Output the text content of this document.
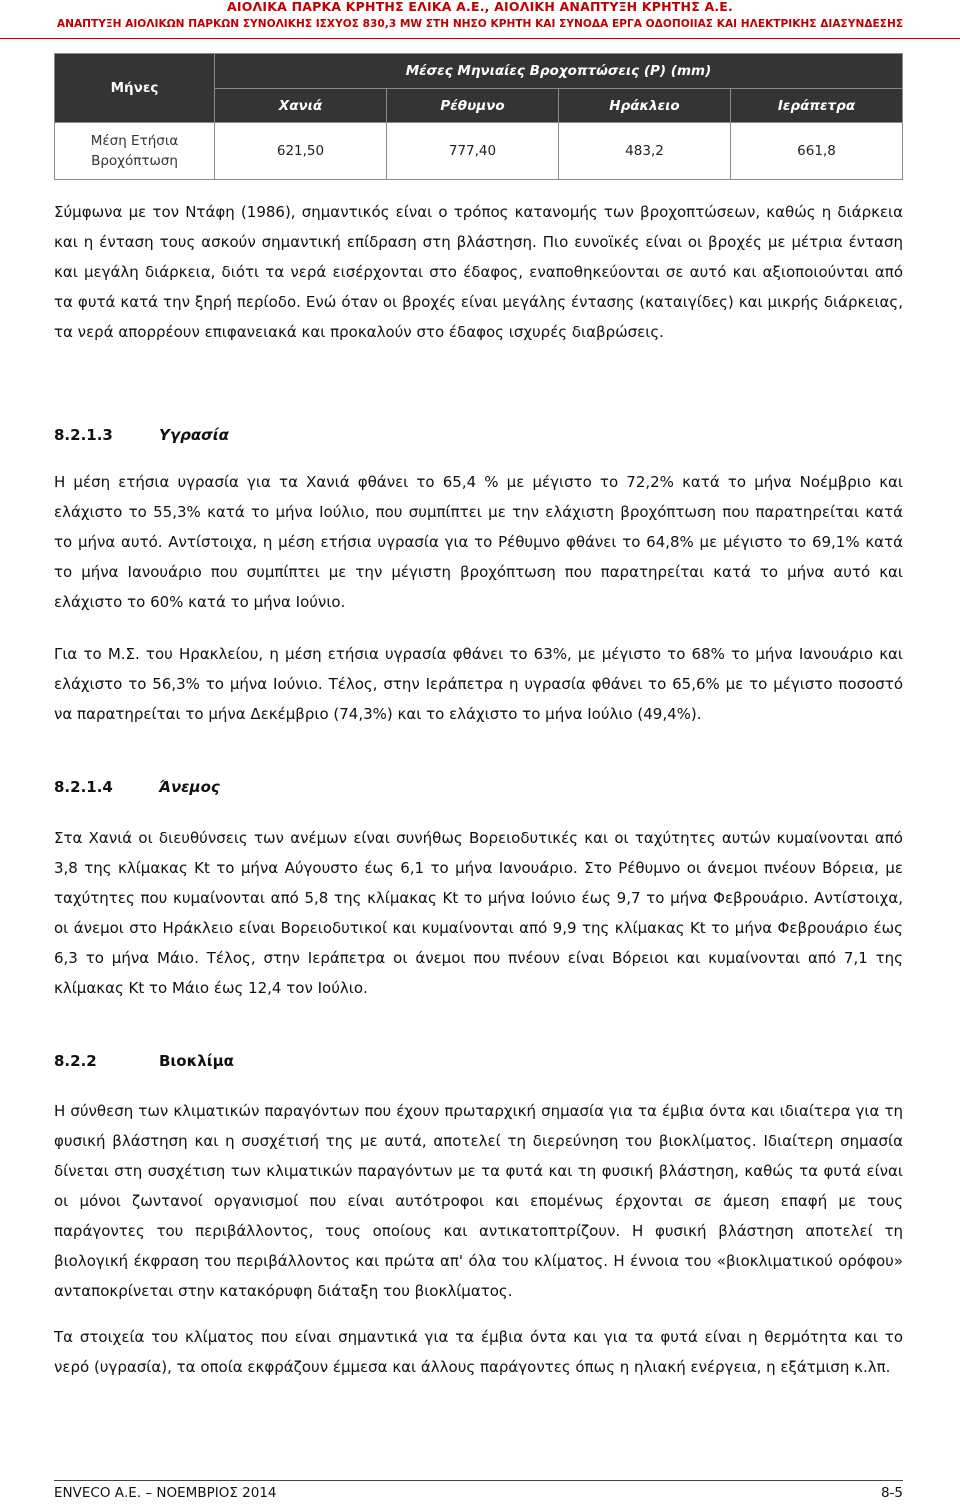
ΑΙΟΛΙΚΑ ΠΑΡΚΑ ΚΡΗΤΗΣ ΕΛΙΚΑ Α.Ε., ΑΙΟΛΙΚΗ ΑΝΑΠΤΥΞΗ ΚΡΗΤΗΣ Α.Ε.
ΑΝΑΠΤΥΞΗ ΑΙΟΛΙΚΩΝ ΠΑΡΚΩΝ ΣΥΝΟΛΙΚΗΣ ΙΣΧΥΟΣ 830,3 MW ΣΤΗ ΝΗΣΟ ΚΡΗΤΗ ΚΑΙ ΣΥΝΟΔΑ ΕΡΓΑ ΟΔΟΠΟΙΙΑΣ ΚΑΙ ΗΛΕΚΤΡΙΚΗΣ ΔΙΑΣΥΝΔΕΣΗΣ
Μήνες	Μέσες Μηνιαίες Βροχοπτώσεις (P) (mm)			
	Χανιά	Ρέθυμνο	Ηράκλειο	Ιεράπετρα
Μέση Ετήσια Βροχόπτωση	621,50	777,40	483,2	661,8

Σύμφωνα με τον Ντάφη (1986), σημαντικός είναι ο τρόπος κατανομής των βροχοπτώσεων, καθώς η διάρκεια και η ένταση τους ασκούν σημαντική επίδραση στη βλάστηση. Πιο ευνοϊκές είναι οι βροχές με μέτρια ένταση και μεγάλη διάρκεια, διότι τα νερά εισέρχονται στο έδαφος, εναποθηκεύονται σε αυτό και αξιοποιούνται από τα φυτά κατά την ξηρή περίοδο. Ενώ όταν οι βροχές είναι μεγάλης έντασης (καταιγίδες) και μικρής διάρκειας, τα νερά απορρέουν επιφανειακά και προκαλούν στο έδαφος ισχυρές διαβρώσεις.

8.2.1.3	Υγρασία

Η μέση ετήσια υγρασία για τα Χανιά φθάνει το 65,4 % με μέγιστο το 72,2% κατά το μήνα Νοέμβριο και ελάχιστο το 55,3% κατά το μήνα Ιούλιο, που συμπίπτει με την ελάχιστη βροχόπτωση που παρατηρείται κατά το μήνα αυτό. Αντίστοιχα, η μέση ετήσια υγρασία για το Ρέθυμνο φθάνει το 64,8% με μέγιστο το 69,1% κατά το μήνα Ιανουάριο που συμπίπτει με την μέγιστη βροχόπτωση που παρατηρείται κατά το μήνα αυτό και ελάχιστο το 60% κατά το μήνα Ιούνιο.

Για το Μ.Σ. του Ηρακλείου, η μέση ετήσια υγρασία φθάνει το 63%, με μέγιστο το 68% το μήνα Ιανουάριο και ελάχιστο το 56,3% το μήνα Ιούνιο. Τέλος, στην Ιεράπετρα η υγρασία φθάνει το 65,6% με το μέγιστο ποσοστό να παρατηρείται το μήνα Δεκέμβριο (74,3%) και το ελάχιστο το μήνα Ιούλιο (49,4%).

8.2.1.4	Άνεμος

Στα Χανιά οι διευθύνσεις των ανέμων είναι συνήθως Βορειοδυτικές και οι ταχύτητες αυτών κυμαίνονται από 3,8 της κλίμακας Kt το μήνα Αύγουστο έως 6,1 το μήνα Ιανουάριο. Στο Ρέθυμνο οι άνεμοι πνέουν Βόρεια, με ταχύτητες που κυμαίνονται από 5,8 της κλίμακας Kt το μήνα Ιούνιο έως 9,7 το μήνα Φεβρουάριο. Αντίστοιχα, οι άνεμοι στο Ηράκλειο είναι Βορειοδυτικοί και κυμαίνονται από 9,9 της κλίμακας Kt το μήνα Φεβρουάριο έως 6,3 το μήνα Μάιο. Τέλος, στην Ιεράπετρα οι άνεμοι που πνέουν είναι Βόρειοι και κυμαίνονται από 7,1 της κλίμακας Kt το Μάιο έως 12,4 τον Ιούλιο.

8.2.2	Βιοκλίμα

Η σύνθεση των κλιματικών παραγόντων που έχουν πρωταρχική σημασία για τα έμβια όντα και ιδιαίτερα για τη φυσική βλάστηση και η συσχέτισή της με αυτά, αποτελεί τη διερεύνηση του βιοκλίματος. Ιδιαίτερη σημασία δίνεται στη συσχέτιση των κλιματικών παραγόντων με τα φυτά και τη φυσική βλάστηση, καθώς τα φυτά είναι οι μόνοι ζωντανοί οργανισμοί που είναι αυτότροφοι και επομένως έρχονται σε άμεση επαφή με τους παράγοντες του περιβάλλοντος, τους οποίους και αντικατοπτρίζουν. Η φυσική βλάστηση αποτελεί τη βιολογική έκφραση του περιβάλλοντος και πρώτα απ' όλα του κλίματος. Η έννοια του «βιοκλιματικού ορόφου» ανταποκρίνεται στην κατακόρυφη διάταξη του βιοκλίματος.

Τα στοιχεία του κλίματος που είναι σημαντικά για τα έμβια όντα και για τα φυτά είναι η θερμότητα και το νερό (υγρασία), τα οποία εκφράζουν έμμεσα και άλλους παράγοντες όπως η ηλιακή ενέργεια, η εξάτμιση κ.λπ.

ENVECO Α.Ε. – ΝΟΕΜΒΡΙΟΣ 2014	8-5
